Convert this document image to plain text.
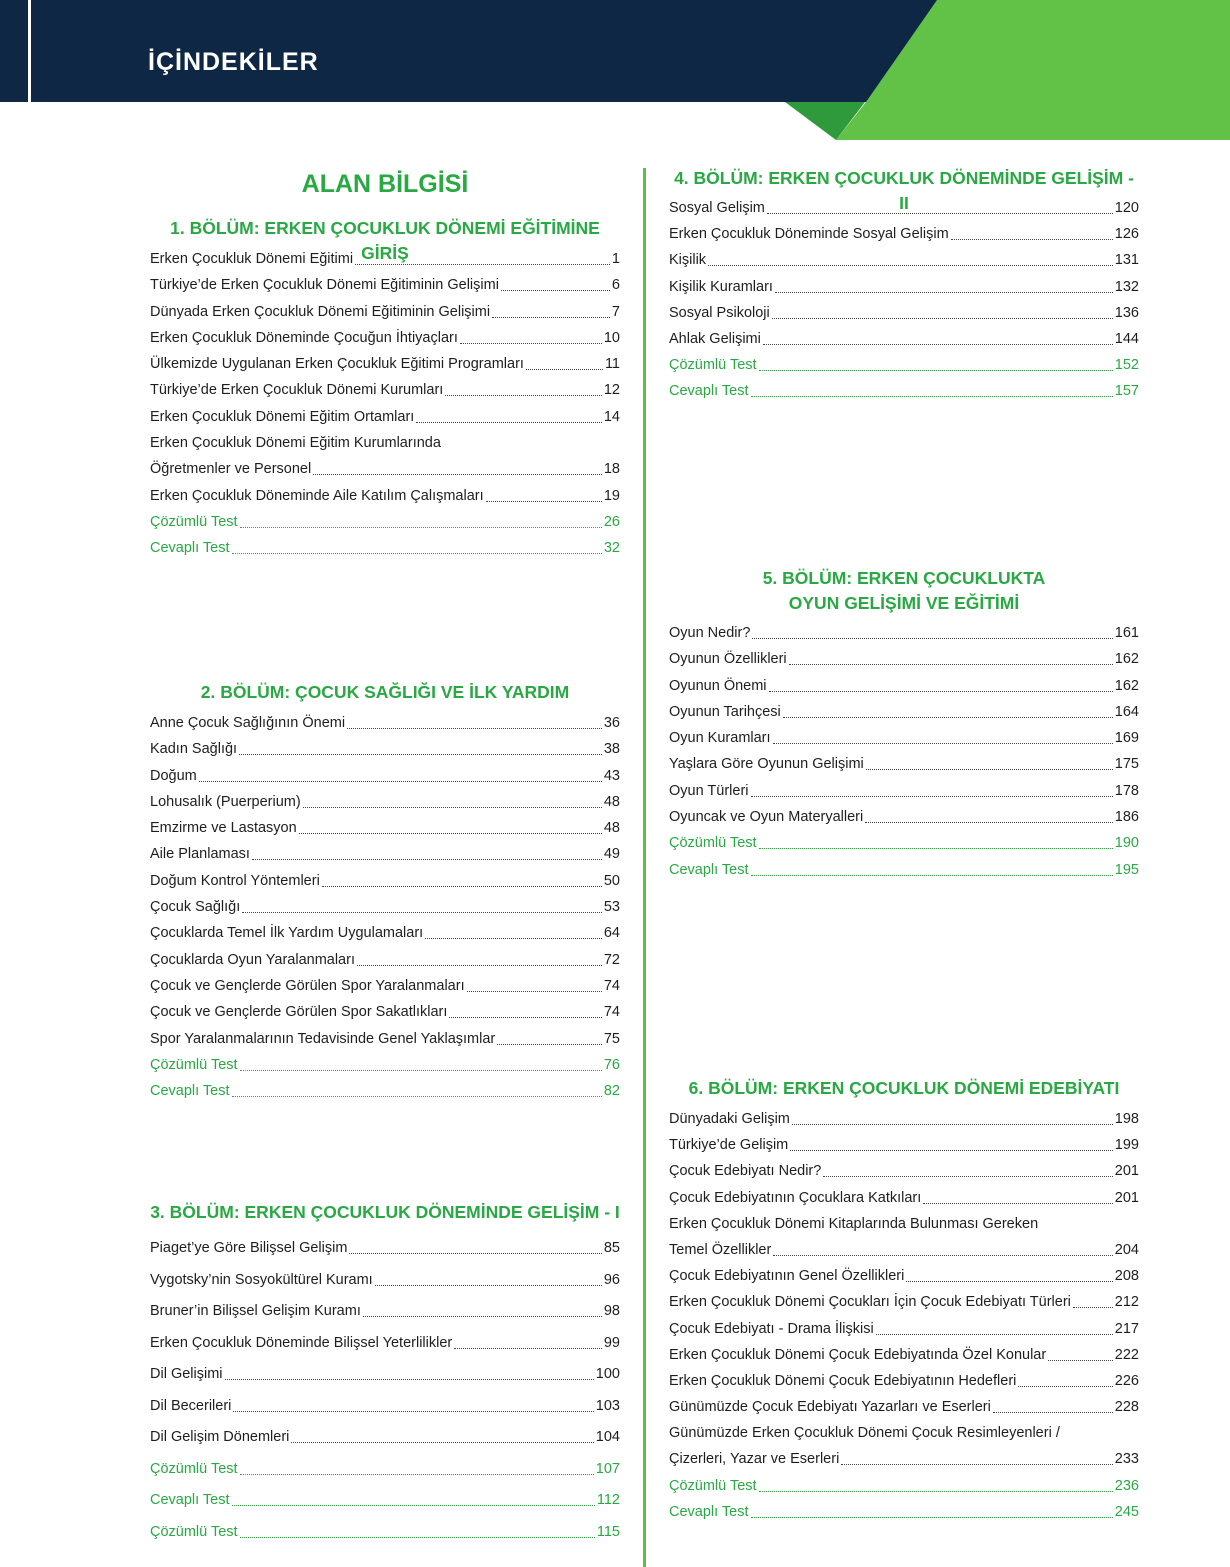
İÇİNDEKİLER
ALAN BİLGİSİ
1. BÖLÜM: ERKEN ÇOCUKLUK DÖNEMİ EĞİTİMİNE GİRİŞ
Erken Çocukluk Dönemi Eğitimi	1
Türkiye’de Erken Çocukluk Dönemi Eğitiminin Gelişimi	6
Dünyada Erken Çocukluk Dönemi Eğitiminin Gelişimi	7
Erken Çocukluk Döneminde Çocuğun İhtiyaçları	10
Ülkemizde Uygulanan Erken Çocukluk Eğitimi Programları	11
Türkiye’de Erken Çocukluk Dönemi Kurumları	12
Erken Çocukluk Dönemi Eğitim Ortamları	14
Erken Çocukluk Dönemi Eğitim Kurumlarında
Öğretmenler ve Personel	18
Erken Çocukluk Döneminde Aile Katılım Çalışmaları	19
Çözümlü Test	26
Cevaplı Test	32
2. BÖLÜM: ÇOCUK SAĞLIĞI VE İLK YARDIM
Anne Çocuk Sağlığının Önemi	36
Kadın Sağlığı	38
Doğum	43
Lohusalık (Puerperium)	48
Emzirme ve Lastasyon	48
Aile Planlaması	49
Doğum Kontrol Yöntemleri	50
Çocuk Sağlığı	53
Çocuklarda Temel İlk Yardım Uygulamaları	64
Çocuklarda Oyun Yaralanmaları	72
Çocuk ve Gençlerde Görülen Spor Yaralanmaları	74
Çocuk ve Gençlerde Görülen Spor Sakatlıkları	74
Spor Yaralanmalarının Tedavisinde Genel Yaklaşımlar	75
Çözümlü Test	76
Cevaplı Test	82
3. BÖLÜM: ERKEN ÇOCUKLUK DÖNEMİNDE GELİŞİM - I
Piaget’ye Göre Bilişsel Gelişim	85
Vygotsky’nin Sosyokültürel Kuramı	96
Bruner’in Bilişsel Gelişim Kuramı	98
Erken Çocukluk Döneminde Bilişsel Yeterlilikler	99
Dil Gelişimi	100
Dil Becerileri	103
Dil Gelişim Dönemleri	104
Çözümlü Test	107
Cevaplı Test	112
Çözümlü Test	115
4. BÖLÜM: ERKEN ÇOCUKLUK DÖNEMİNDE GELİŞİM - II
Sosyal Gelişim	120
Erken Çocukluk Döneminde Sosyal Gelişim	126
Kişilik	131
Kişilik Kuramları	132
Sosyal Psikoloji	136
Ahlak Gelişimi	144
Çözümlü Test	152
Cevaplı Test	157
5. BÖLÜM: ERKEN ÇOCUKLUKTA
OYUN GELİŞİMİ VE EĞİTİMİ
Oyun Nedir?	161
Oyunun Özellikleri	162
Oyunun Önemi	162
Oyunun Tarihçesi	164
Oyun Kuramları	169
Yaşlara Göre Oyunun Gelişimi	175
Oyun Türleri	178
Oyuncak ve Oyun Materyalleri	186
Çözümlü Test	190
Cevaplı Test	195
6. BÖLÜM: ERKEN ÇOCUKLUK DÖNEMİ EDEBİYATI
Dünyadaki Gelişim	198
Türkiye’de Gelişim	199
Çocuk Edebiyatı Nedir?	201
Çocuk Edebiyatının Çocuklara Katkıları	201
Erken Çocukluk Dönemi Kitaplarında Bulunması Gereken
Temel Özellikler	204
Çocuk Edebiyatının Genel Özellikleri	208
Erken Çocukluk Dönemi Çocukları İçin Çocuk Edebiyatı Türleri	212
Çocuk Edebiyatı - Drama İlişkisi	217
Erken Çocukluk Dönemi Çocuk Edebiyatında Özel Konular	222
Erken Çocukluk Dönemi Çocuk Edebiyatının Hedefleri	226
Günümüzde Çocuk Edebiyatı Yazarları ve Eserleri	228
Günümüzde Erken Çocukluk Dönemi Çocuk Resimleyenleri /
Çizerleri, Yazar ve Eserleri	233
Çözümlü Test	236
Cevaplı Test	245
